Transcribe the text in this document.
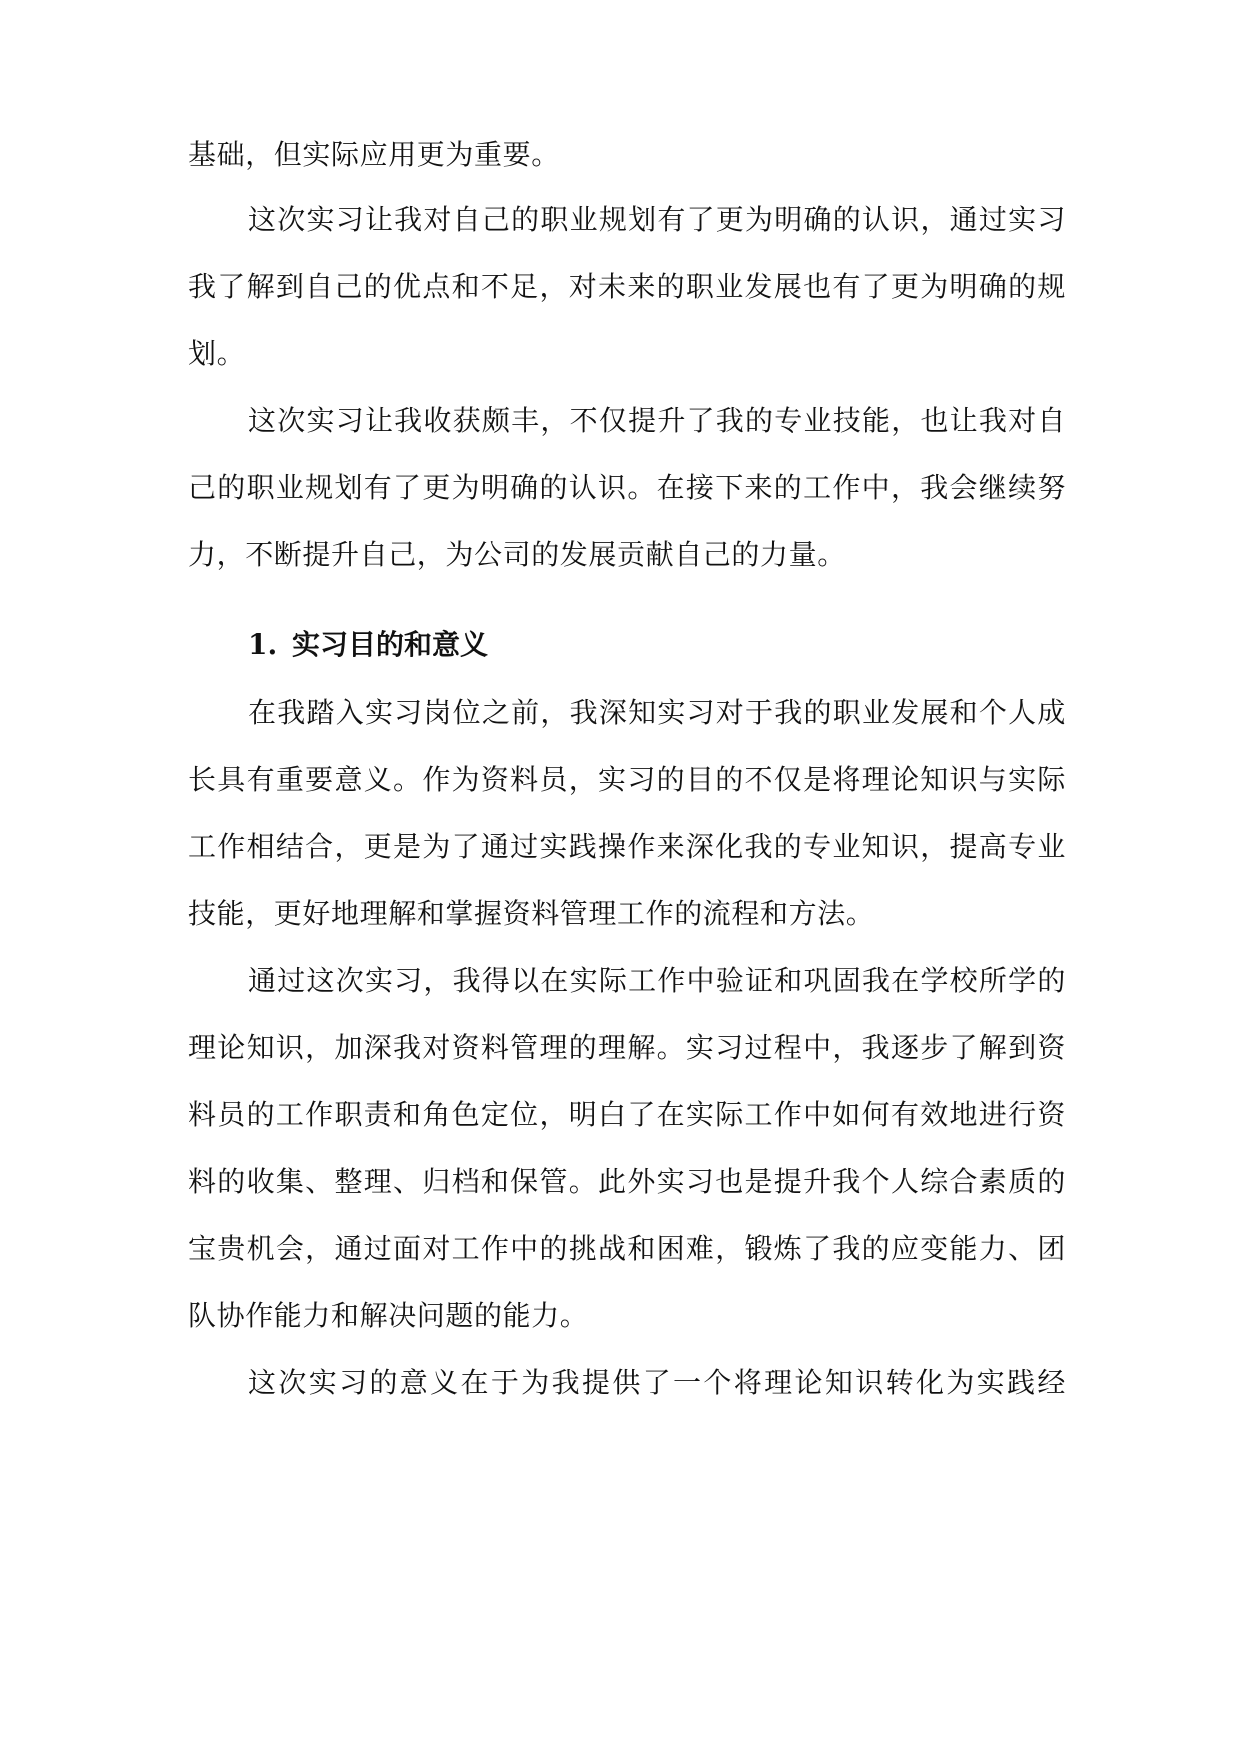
基础，但实际应用更为重要。
这次实习让我对自己的职业规划有了更为明确的认识，通过实习
我了解到自己的优点和不足，对未来的职业发展也有了更为明确的规
划。
这次实习让我收获颇丰，不仅提升了我的专业技能，也让我对自
己的职业规划有了更为明确的认识。在接下来的工作中，我会继续努
力，不断提升自己，为公司的发展贡献自己的力量。
1. 实习目的和意义
在我踏入实习岗位之前，我深知实习对于我的职业发展和个人成
长具有重要意义。作为资料员，实习的目的不仅是将理论知识与实际
工作相结合，更是为了通过实践操作来深化我的专业知识，提高专业
技能，更好地理解和掌握资料管理工作的流程和方法。
通过这次实习，我得以在实际工作中验证和巩固我在学校所学的
理论知识，加深我对资料管理的理解。实习过程中，我逐步了解到资
料员的工作职责和角色定位，明白了在实际工作中如何有效地进行资
料的收集、整理、归档和保管。此外实习也是提升我个人综合素质的
宝贵机会，通过面对工作中的挑战和困难，锻炼了我的应变能力、团
队协作能力和解决问题的能力。
这次实习的意义在于为我提供了一个将理论知识转化为实践经
